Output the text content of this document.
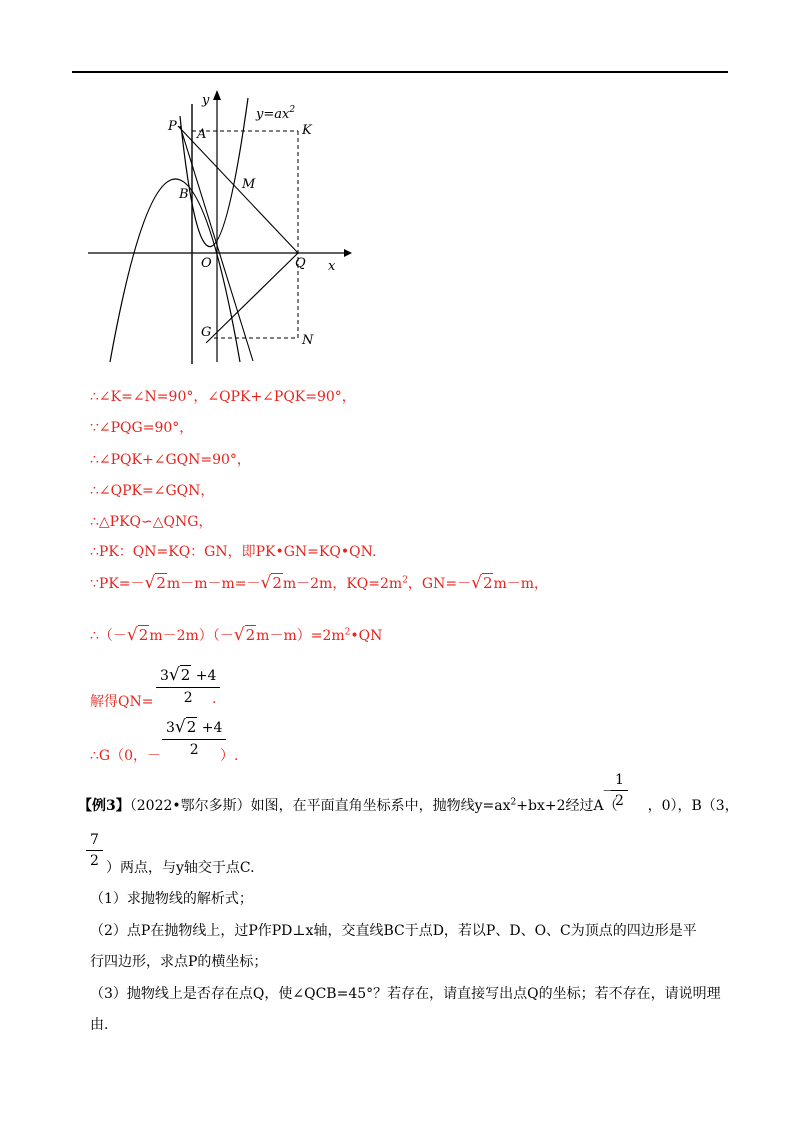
y
x
$y=ax^2$
P
A	K
B
M
O	Q
G
N
∴∠K=∠N=90°，∠QPK+∠PQK=90°，
∵∠PQG=90°，
∴∠PQK+∠GQN=90°，
∴∠QPK=∠GQN，
∴△PKQ∽△QNG，
∴PK：QN=KQ：GN，即PK•GN=KQ•QN.
∵PK=－√2m－m－m=－√2m－2m，$KQ=2m^2$，GN=－√2m－m，
$\therefore(-√2m-2m)(-√2m-m)=2m^2•QN$
解得QN=
3√2 +4
2	.
∴G（0，－
3√2 +4
2	）.
【例3】（2022•鄂尔多斯）如图，在平面直角坐标系中，抛物线$y=ax^2+bx+2$经过A（ ，0），B（3，
1
2
－
7
2 ）两点，与y轴交于点C.
（1）求抛物线的解析式；
（2）点P在抛物线上，过P作PD⊥x轴，交直线BC于点D，若以P、D、O、C为顶点的四边形是平
行四边形，求点P的横坐标；
（3）抛物线上是否存在点Q，使∠QCB=45°？若存在，请直接写出点Q的坐标；若不存在，请说明理
由.
